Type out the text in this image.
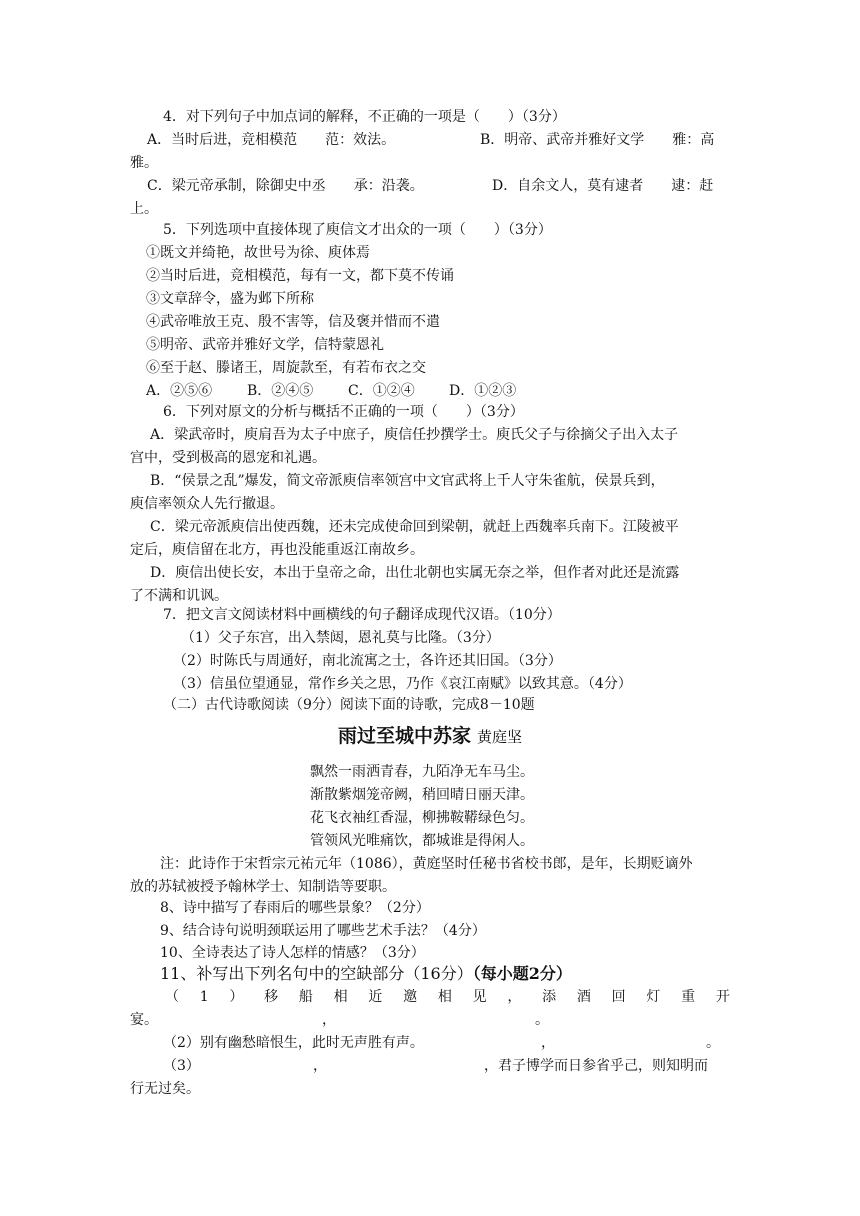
4．对下列句子中加点词的解释，不正确的一项是（　　）（3分）
A．当时后进，竞相模范　　范：效法。	B．明帝、武帝并雅好文学　　雅：高
雅。
C．梁元帝承制，除御史中丞　　承：沿袭。	D．自余文人，莫有逮者　　逮：赶
上。
5．下列选项中直接体现了庾信文才出众的一项（　　）（3分）
①既文并绮艳，故世号为徐、庾体焉
②当时后进，竞相模范，每有一文，都下莫不传诵
③文章辞令，盛为邺下所称
④武帝唯放王克、殷不害等，信及褒并惜而不遣
⑤明帝、武帝并雅好文学，信特蒙恩礼
⑥至于赵、滕诸王，周旋款至，有若布衣之交
A．②⑤⑥ B．②④⑤ C．①②④ D．①②③
6．下列对原文的分析与概括不正确的一项（　　）（3分）
A．梁武帝时，庾肩吾为太子中庶子，庾信任抄撰学士。庾氏父子与徐摘父子出入太子
宫中，受到极高的恩宠和礼遇。
B．“侯景之乱”爆发，简文帝派庾信率领宫中文官武将上千人守朱雀航，侯景兵到，
庾信率领众人先行撤退。
C．梁元帝派庾信出使西魏，还未完成使命回到梁朝，就赶上西魏率兵南下。江陵被平
定后，庾信留在北方，再也没能重返江南故乡。
D．庾信出使长安，本出于皇帝之命，出仕北朝也实属无奈之举，但作者对此还是流露
了不满和讥讽。
7．把文言文阅读材料中画横线的句子翻译成现代汉语。（10分）
（1）父子东宫，出入禁闼，恩礼莫与比隆。（3分）
（2）时陈氏与周通好，南北流寓之士，各许还其旧国。（3分）
（3）信虽位望通显，常作乡关之思，乃作《哀江南赋》以致其意。（4分）
（二）古代诗歌阅读（9分）阅读下面的诗歌，完成8－10题
雨过至城中苏家 黄庭坚
飘然一雨洒青春，九陌净无车马尘。
渐散紫烟笼帝阙，稍回晴日丽天津。
花飞衣袖红香湿，柳拂鞍鞯绿色匀。
管领风光唯痛饮，都城谁是得闲人。
注：此诗作于宋哲宗元祐元年（1086），黄庭坚时任秘书省校书郎，是年，长期贬谪外
放的苏轼被授予翰林学士、知制诰等要职。
8、诗中描写了春雨后的哪些景象？（2分）
9、结合诗句说明颈联运用了哪些艺术手法？（4分）
10、全诗表达了诗人怎样的情感？（3分）
11、补写出下列名句中的空缺部分（16分）（每小题2分）
（ 1 ） 移 船 相 近 邀 相 见 ， 添 酒 回 灯 重 开
宴。	，	。
（2）别有幽愁暗恨生，此时无声胜有声。	，	。
（3）	，	，君子博学而日参省乎己，则知明而
行无过矣。
